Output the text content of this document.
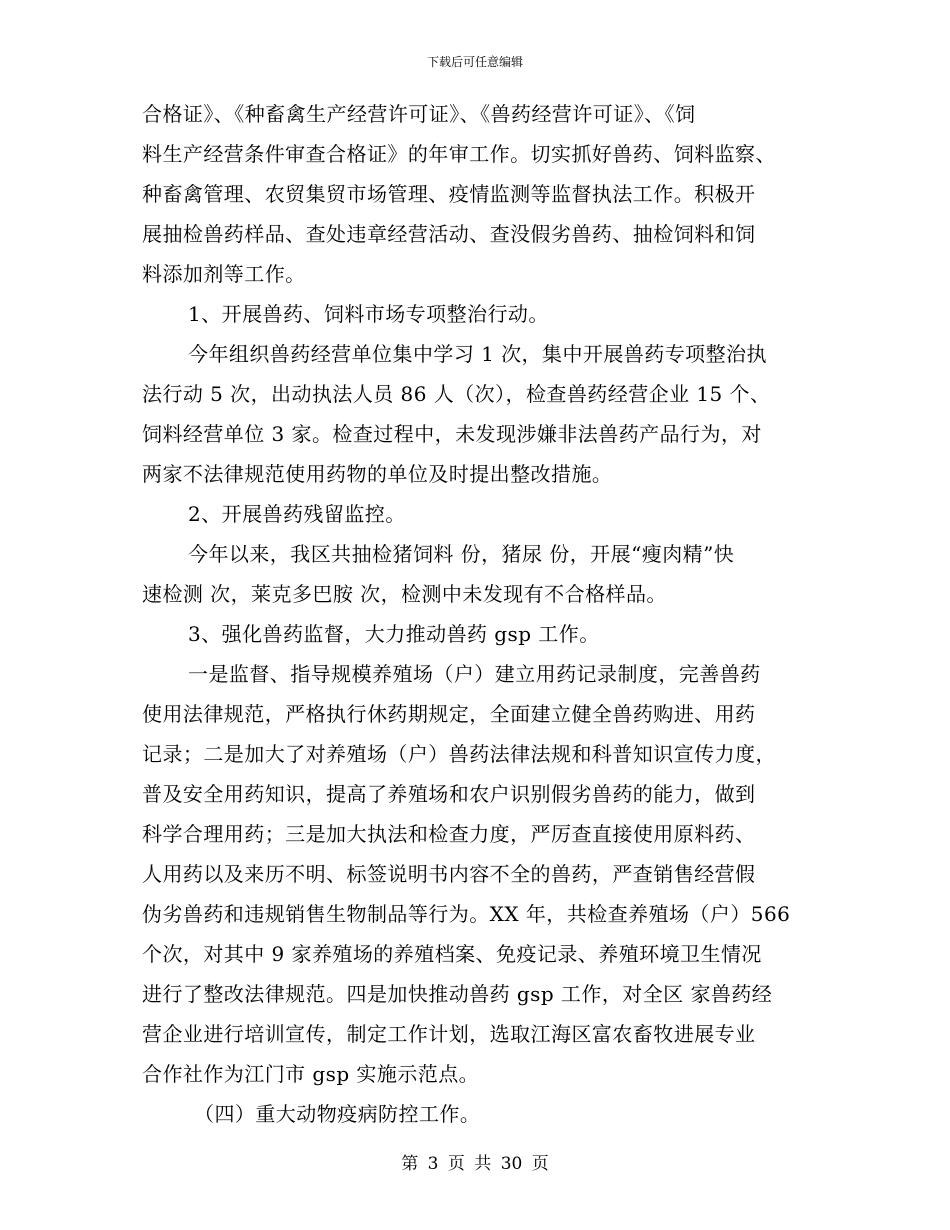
下载后可任意编辑
合格证》、《种畜禽生产经营许可证》、《兽药经营许可证》、《饲
料生产经营条件审查合格证》的年审工作。切实抓好兽药、饲料监察、
种畜禽管理、农贸集贸市场管理、疫情监测等监督执法工作。积极开
展抽检兽药样品、查处违章经营活动、查没假劣兽药、抽检饲料和饲
料添加剂等工作。
1、开展兽药、饲料市场专项整治行动。
今年组织兽药经营单位集中学习 1 次，集中开展兽药专项整治执
法行动 5 次，出动执法人员 86 人（次），检查兽药经营企业 15 个、
饲料经营单位 3 家。检查过程中，未发现涉嫌非法兽药产品行为，对
两家不法律规范使用药物的单位及时提出整改措施。
2、开展兽药残留监控。
今年以来，我区共抽检猪饲料 份，猪尿 份，开展“瘦肉精”快
速检测 次，莱克多巴胺 次，检测中未发现有不合格样品。
3、强化兽药监督，大力推动兽药 gsp 工作。
一是监督、指导规模养殖场（户）建立用药记录制度，完善兽药
使用法律规范，严格执行休药期规定，全面建立健全兽药购进、用药
记录；二是加大了对养殖场（户）兽药法律法规和科普知识宣传力度，
普及安全用药知识，提高了养殖场和农户识别假劣兽药的能力，做到
科学合理用药；三是加大执法和检查力度，严厉查直接使用原料药、
人用药以及来历不明、标签说明书内容不全的兽药，严查销售经营假
伪劣兽药和违规销售生物制品等行为。XX 年，共检查养殖场（户）566
个次，对其中 9 家养殖场的养殖档案、免疫记录、养殖环境卫生情况
进行了整改法律规范。四是加快推动兽药 gsp 工作，对全区 家兽药经
营企业进行培训宣传，制定工作计划，选取江海区富农畜牧进展专业
合作社作为江门市 gsp 实施示范点。
（四）重大动物疫病防控工作。
第 3 页 共 30 页
